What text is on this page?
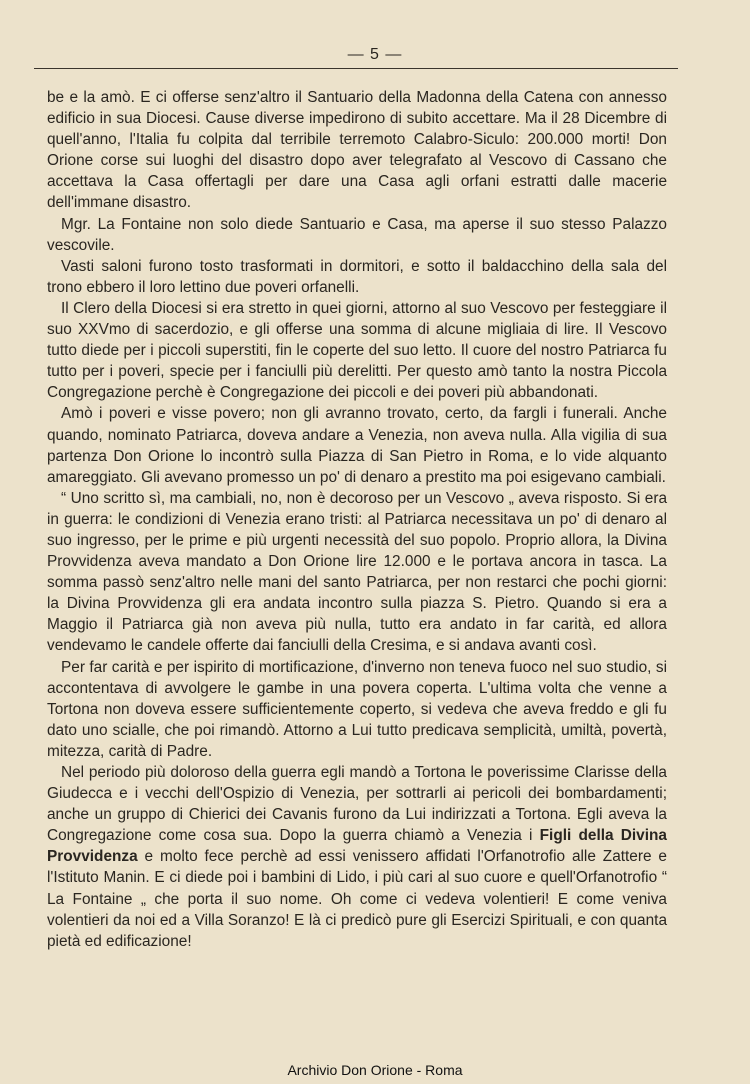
— 5 —

be e la amò. E ci offerse senz'altro il Santuario della Madonna della Catena con annesso edificio in sua Diocesi. Cause diverse impedirono di subito accettare. Ma il 28 Dicembre di quell'anno, l'Italia fu colpita dal terribile terremoto Calabro-Siculo: 200.000 morti! Don Orione corse sui luoghi del disastro dopo aver telegrafato al Vescovo di Cassano che accettava la Casa offertagli per dare una Casa agli orfani estratti dalle macerie dell'immane disastro.

Mgr. La Fontaine non solo diede Santuario e Casa, ma aperse il suo stesso Palazzo vescovile.

Vasti saloni furono tosto trasformati in dormitori, e sotto il baldacchino della sala del trono ebbero il loro lettino due poveri orfanelli.

Il Clero della Diocesi si era stretto in quei giorni, attorno al suo Vescovo per festeggiare il suo XXVmo di sacerdozio, e gli offerse una somma di alcune migliaia di lire. Il Vescovo tutto diede per i piccoli superstiti, fin le coperte del suo letto. Il cuore del nostro Patriarca fu tutto per i poveri, specie per i fanciulli più derelitti. Per questo amò tanto la nostra Piccola Congregazione perchè è Congregazione dei piccoli e dei poveri più abbandonati.

Amò i poveri e visse povero; non gli avranno trovato, certo, da fargli i funerali. Anche quando, nominato Patriarca, doveva andare a Venezia, non aveva nulla. Alla vigilia di sua partenza Don Orione lo incontrò sulla Piazza di San Pietro in Roma, e lo vide alquanto amareggiato. Gli avevano promesso un po' di denaro a prestito ma poi esigevano cambiali.

“ Uno scritto sì, ma cambiali, no, non è decoroso per un Vescovo „ aveva risposto. Si era in guerra: le condizioni di Venezia erano tristi: al Patriarca necessitava un po' di denaro al suo ingresso, per le prime e più urgenti necessità del suo popolo. Proprio allora, la Divina Provvidenza aveva mandato a Don Orione lire 12.000 e le portava ancora in tasca. La somma passò senz'altro nelle mani del santo Patriarca, per non restarci che pochi giorni: la Divina Provvidenza gli era andata incontro sulla piazza S. Pietro. Quando si era a Maggio il Patriarca già non aveva più nulla, tutto era andato in far carità, ed allora vendevamo le candele offerte dai fanciulli della Cresima, e si andava avanti così.

Per far carità e per ispirito di mortificazione, d'inverno non teneva fuoco nel suo studio, si accontentava di avvolgere le gambe in una povera coperta. L'ultima volta che venne a Tortona non doveva essere sufficientemente coperto, si vedeva che aveva freddo e gli fu dato uno scialle, che poi rimandò. Attorno a Lui tutto predicava semplicità, umiltà, povertà, mitezza, carità di Padre.

Nel periodo più doloroso della guerra egli mandò a Tortona le poverissime Clarisse della Giudecca e i vecchi dell'Ospizio di Venezia, per sottrarli ai pericoli dei bombardamenti; anche un gruppo di Chierici dei Cavanis furono da Lui indirizzati a Tortona. Egli aveva la Congregazione come cosa sua. Dopo la guerra chiamò a Venezia i Figli della Divina Provvidenza e molto fece perchè ad essi venissero affidati l'Orfanotrofio alle Zattere e l'Istituto Manin. E ci diede poi i bambini di Lido, i più cari al suo cuore e quell'Orfanotrofio “ La Fontaine „ che porta il suo nome. Oh come ci vedeva volentieri! E come veniva volentieri da noi ed a Villa Soranzo! E là ci predicò pure gli Esercizi Spirituali, e con quanta pietà ed edificazione!

Archivio Don Orione - Roma
